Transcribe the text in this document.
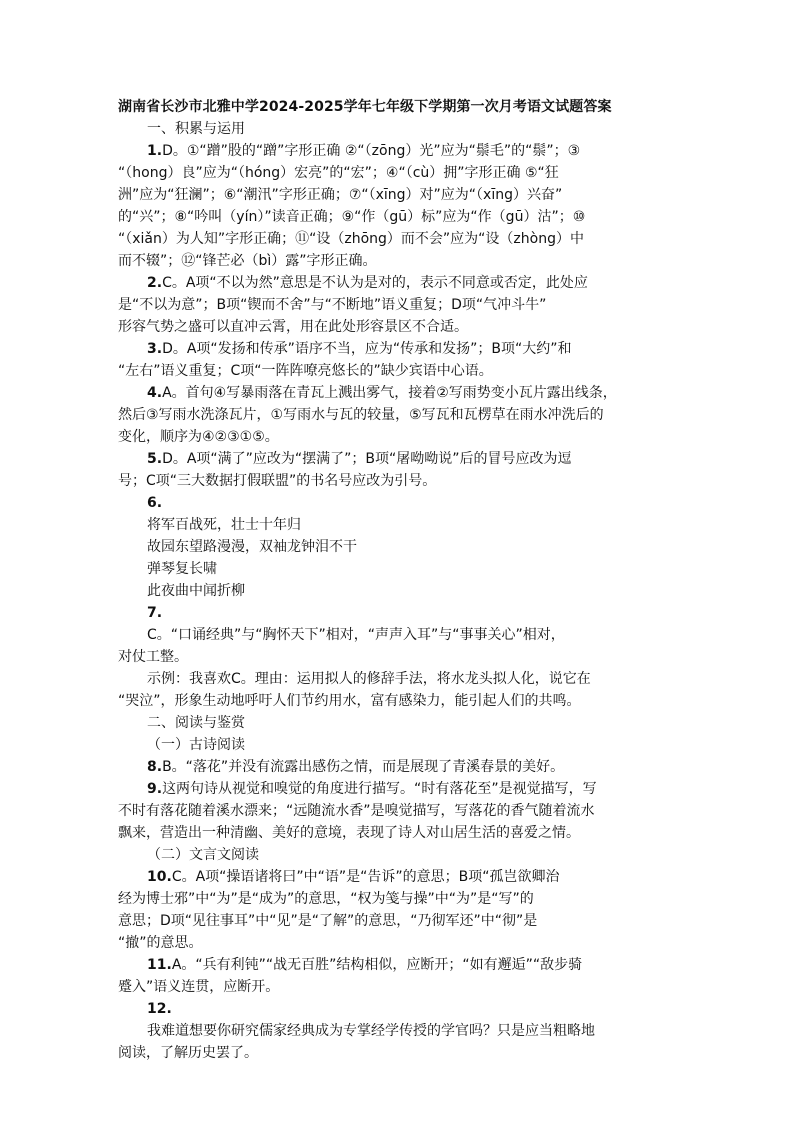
湖南省长沙市北雅中学2024-2025学年七年级下学期第一次月考语文试题答案
一、积累与运用
1.D。①“蹭”股的“蹭”字形正确 ②“（zōng）光”应为“鬃毛”的“鬃”；③
“（hong）良”应为“（hóng）宏亮”的“宏”；④“（cù）拥”字形正确 ⑤“狂
洲”应为“狂澜”；⑥“潮汛”字形正确；⑦“（xīng）对”应为“（xīng）兴奋”
的“兴”；⑧“吟叫（yín）”读音正确；⑨“作（gū）标”应为“作（gū）沽”；⑩
“（xiǎn）为人知”字形正确；⑪“设（zhōng）而不会”应为“设（zhòng）中
而不辍”；⑫“锋芒必（bì）露”字形正确。
2.C。A项“不以为然”意思是不认为是对的，表示不同意或否定，此处应
是“不以为意”；B项“锲而不舍”与“不断地”语义重复；D项“气冲斗牛”
形容气势之盛可以直冲云霄，用在此处形容景区不合适。
3.D。A项“发扬和传承”语序不当，应为“传承和发扬”；B项“大约”和
“左右”语义重复；C项“一阵阵嘹亮悠长的”缺少宾语中心语。
4.A。首句④写暴雨落在青瓦上溅出雾气，接着②写雨势变小瓦片露出线条，
然后③写雨水洗涤瓦片，①写雨水与瓦的较量，⑤写瓦和瓦楞草在雨水冲洗后的
变化，顺序为④②③①⑤。
5.D。A项“满了”应改为“摆满了”；B项“屠呦呦说”后的冒号应改为逗
号；C项“三大数据打假联盟”的书名号应改为引号。
6.
将军百战死，壮士十年归
故园东望路漫漫，双袖龙钟泪不干
弹琴复长啸
此夜曲中闻折柳
7.
C。“口诵经典”与“胸怀天下”相对，“声声入耳”与“事事关心”相对，
对仗工整。
示例：我喜欢C。理由：运用拟人的修辞手法，将水龙头拟人化，说它在
“哭泣”，形象生动地呼吁人们节约用水，富有感染力，能引起人们的共鸣。
二、阅读与鉴赏
（一）古诗阅读
8.B。“落花”并没有流露出感伤之情，而是展现了青溪春景的美好。
9.这两句诗从视觉和嗅觉的角度进行描写。“时有落花至”是视觉描写，写
不时有落花随着溪水漂来；“远随流水香”是嗅觉描写，写落花的香气随着流水
飘来，营造出一种清幽、美好的意境，表现了诗人对山居生活的喜爱之情。
（二）文言文阅读
10.C。A项“操语诸将曰”中“语”是“告诉”的意思；B项“孤岂欲卿治
经为博士邪”中“为”是“成为”的意思，“权为笺与操”中“为”是“写”的
意思；D项“见往事耳”中“见”是“了解”的意思，“乃彻军还”中“彻”是
“撤”的意思。
11.A。“兵有利钝”“战无百胜”结构相似，应断开；“如有邂逅”“敌步骑
蹙入”语义连贯，应断开。
12.
我难道想要你研究儒家经典成为专掌经学传授的学官吗？只是应当粗略地
阅读，了解历史罢了。
